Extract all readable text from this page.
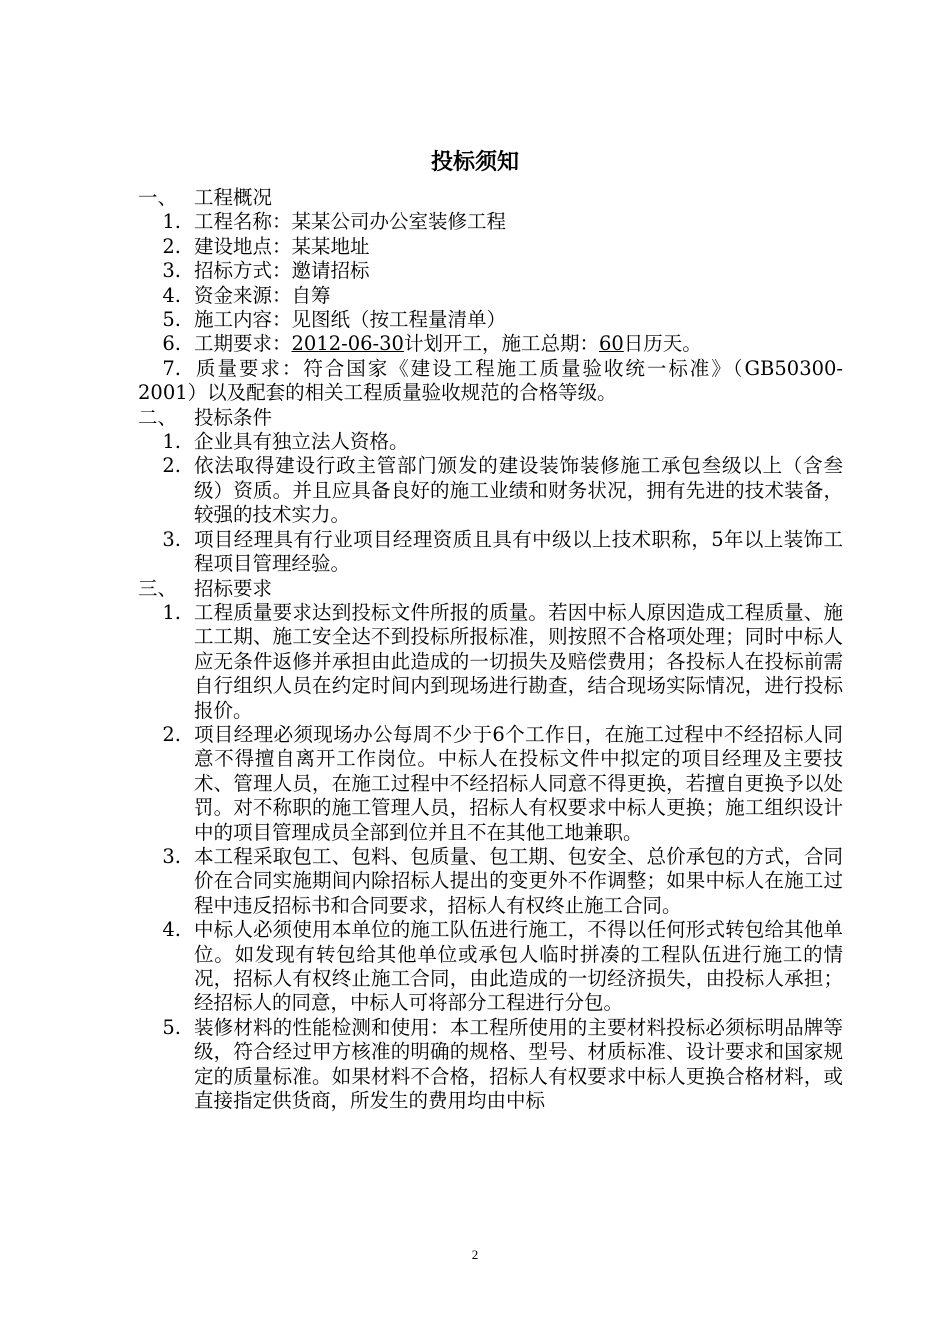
投标须知
一、 工程概况
1. 工程名称：某某公司办公室装修工程
2. 建设地点：某某地址
3. 招标方式：邀请招标
4. 资金来源：自筹
5. 施工内容：见图纸（按工程量清单）
6. 工期要求：2012-06-30计划开工，施工总期：60日历天。
7. 质量要求：符合国家《建设工程施工质量验收统一标准》（GB50300-2001）以及配套的相关工程质量验收规范的合格等级。
二、 投标条件
1. 企业具有独立法人资格。
2. 依法取得建设行政主管部门颁发的建设装饰装修施工承包叁级以上（含叁级）资质。并且应具备良好的施工业绩和财务状况，拥有先进的技术装备，较强的技术实力。
3. 项目经理具有行业项目经理资质且具有中级以上技术职称，5年以上装饰工程项目管理经验。
三、 招标要求
1. 工程质量要求达到投标文件所报的质量。若因中标人原因造成工程质量、施工工期、施工安全达不到投标所报标准，则按照不合格项处理；同时中标人应无条件返修并承担由此造成的一切损失及赔偿费用；各投标人在投标前需自行组织人员在约定时间内到现场进行勘查，结合现场实际情况，进行投标报价。
2. 项目经理必须现场办公每周不少于6个工作日，在施工过程中不经招标人同意不得擅自离开工作岗位。中标人在投标文件中拟定的项目经理及主要技术、管理人员，在施工过程中不经招标人同意不得更换，若擅自更换予以处罚。对不称职的施工管理人员，招标人有权要求中标人更换；施工组织设计中的项目管理成员全部到位并且不在其他工地兼职。
3. 本工程采取包工、包料、包质量、包工期、包安全、总价承包的方式，合同价在合同实施期间内除招标人提出的变更外不作调整；如果中标人在施工过程中违反招标书和合同要求，招标人有权终止施工合同。
4. 中标人必须使用本单位的施工队伍进行施工，不得以任何形式转包给其他单位。如发现有转包给其他单位或承包人临时拼凑的工程队伍进行施工的情况，招标人有权终止施工合同，由此造成的一切经济损失，由投标人承担；经招标人的同意，中标人可将部分工程进行分包。
5. 装修材料的性能检测和使用：本工程所使用的主要材料投标必须标明品牌等级，符合经过甲方核准的明确的规格、型号、材质标准、设计要求和国家规定的质量标准。如果材料不合格，招标人有权要求中标人更换合格材料，或直接指定供货商，所发生的费用均由中标
2
